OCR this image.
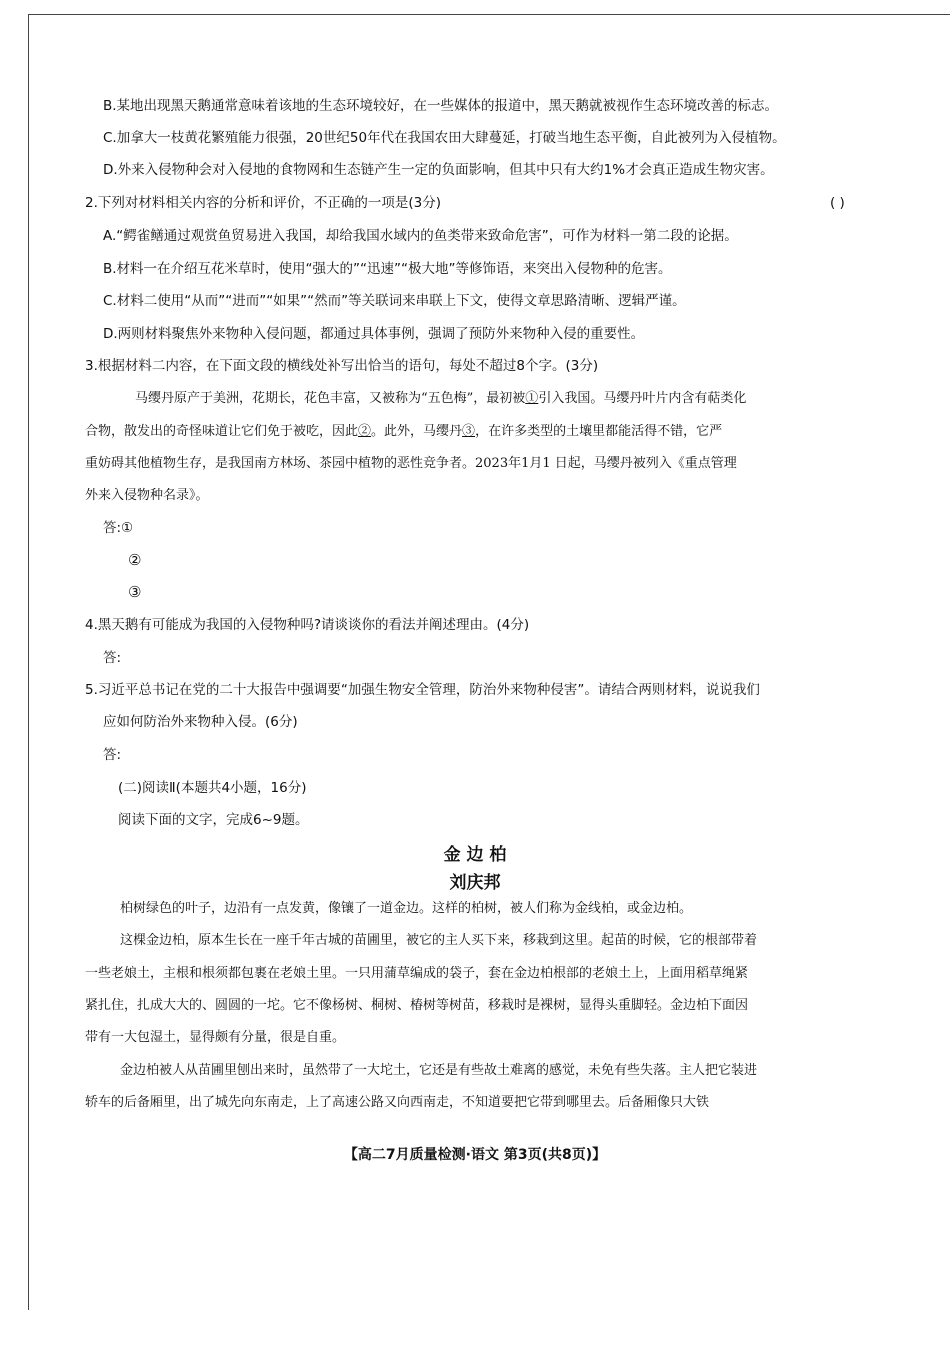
B.某地出现黑天鹅通常意味着该地的生态环境较好，在一些媒体的报道中，黑天鹅就被视作生态环境改善的标志。
C.加拿大一枝黄花繁殖能力很强，20世纪50年代在我国农田大肆蔓延，打破当地生态平衡，自此被列为入侵植物。
D.外来入侵物种会对入侵地的食物网和生态链产生一定的负面影响，但其中只有大约1%才会真正造成生物灾害。
2.下列对材料相关内容的分析和评价，不正确的一项是(3分)	( )
A.“鳄雀鳝通过观赏鱼贸易进入我国，却给我国水域内的鱼类带来致命危害”，可作为材料一第二段的论据。
B.材料一在介绍互花米草时，使用“强大的”“迅速”“极大地”等修饰语，来突出入侵物种的危害。
C.材料二使用“从而”“进而”“如果”“然而”等关联词来串联上下文，使得文章思路清晰、逻辑严谨。
D.两则材料聚焦外来物种入侵问题，都通过具体事例，强调了预防外来物种入侵的重要性。
3.根据材料二内容，在下面文段的横线处补写出恰当的语句，每处不超过8个字。(3分)
马缨丹原产于美洲，花期长，花色丰富，又被称为“五色梅”，最初被①引入我国。马缨丹叶片内含有萜类化
合物，散发出的奇怪味道让它们免于被吃，因此②。此外，马缨丹③，在许多类型的土壤里都能活得不错，它严
重妨碍其他植物生存，是我国南方林场、茶园中植物的恶性竞争者。2023年1月1 日起，马缨丹被列入《重点管理
外来入侵物种名录》。
答:①
②
③
4.黑天鹅有可能成为我国的入侵物种吗?请谈谈你的看法并阐述理由。(4分)
答:
5.习近平总书记在党的二十大报告中强调要“加强生物安全管理，防治外来物种侵害”。请结合两则材料，说说我们
应如何防治外来物种入侵。(6分)
答:
(二)阅读Ⅱ(本题共4小题，16分)
阅读下面的文字，完成6~9题。
金 边 柏
刘庆邦
柏树绿色的叶子，边沿有一点发黄，像镶了一道金边。这样的柏树，被人们称为金线柏，或金边柏。
这棵金边柏，原本生长在一座千年古城的苗圃里，被它的主人买下来，移栽到这里。起苗的时候，它的根部带着
一些老娘土，主根和根须都包裹在老娘土里。一只用蒲草编成的袋子，套在金边柏根部的老娘土上，上面用稻草绳紧
紧扎住，扎成大大的、圆圆的一坨。它不像杨树、桐树、椿树等树苗，移栽时是裸树，显得头重脚轻。金边柏下面因
带有一大包湿土，显得颇有分量，很是自重。
金边柏被人从苗圃里刨出来时，虽然带了一大坨土，它还是有些故土难离的感觉，未免有些失落。主人把它装进
轿车的后备厢里，出了城先向东南走，上了高速公路又向西南走，不知道要把它带到哪里去。后备厢像只大铁
【高二7月质量检测·语文 第3页(共8页)】
